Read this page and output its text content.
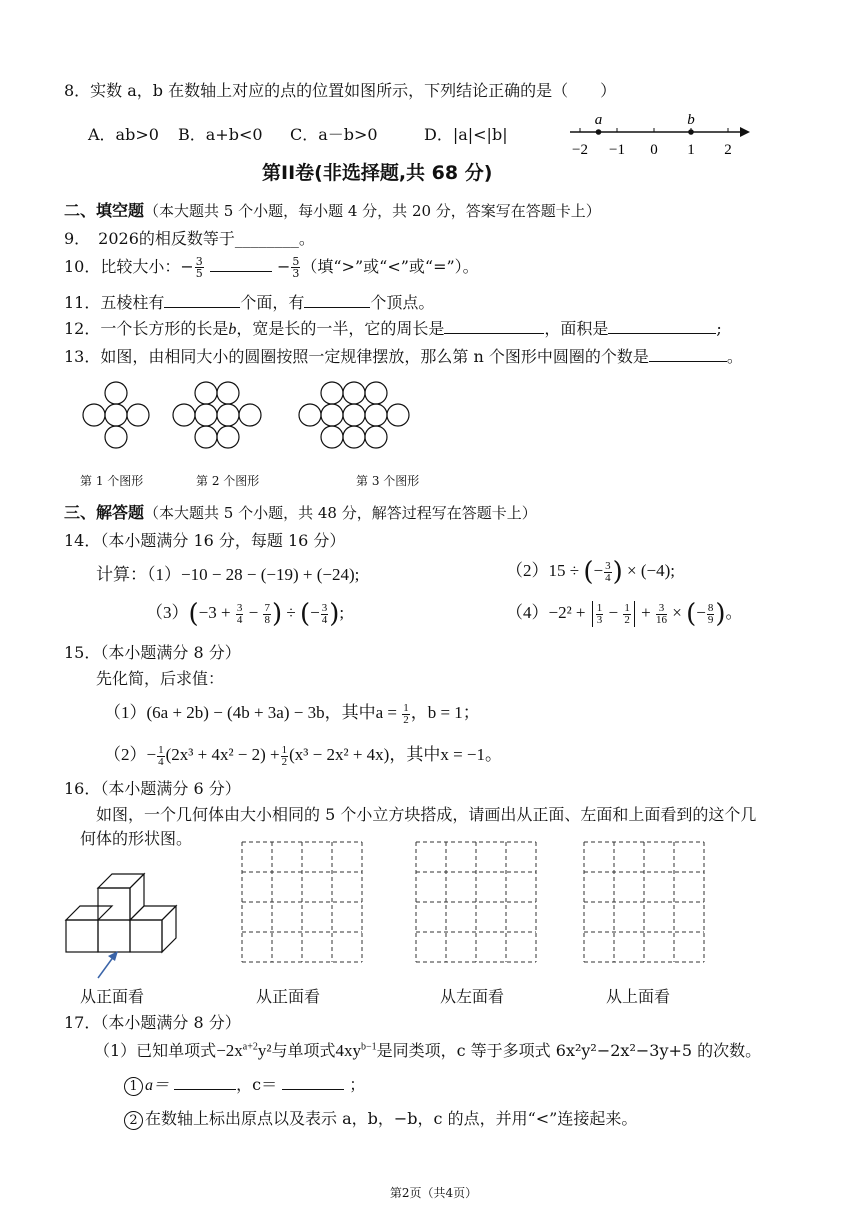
8．实数 a，b 在数轴上对应的点的位置如图所示，下列结论正确的是（　　）
A．ab>0 B．a+b<0 C．a－b>0	D．|a|<|b|
−2 −1 0 1 2
a	b
第II卷(非选择题,共 68 分)
二、填空题（本大题共 5 个小题，每小题 4 分，共 20 分，答案写在答题卡上）
9．　2026的相反数等于________。
10．比较大小：− $\frac{3}{5}$	− $\frac{5}{3}$ （填“>”或“<”或“=”）。
11．五棱柱有	个面，有	个顶点。
12．一个长方形的长是b，宽是长的一半，它的周长是	，面积是	;
13．如图，由相同大小的圆圈按照一定规律摆放，那么第 n 个图形中圆圈的个数是	。
第 1 个图形	第 2 个图形	第 3 个图形
三、解答题（本大题共 5 个小题，共 48 分，解答过程写在答题卡上）
14．（本小题满分 16 分，每题 16 分）
计算：（1）−10 − 28 − (−19) + (−24);	（2）15 ÷ (− $\frac{3}{4}$ ) × (−4);
$(3)(-3 + \frac{3}{4} - \frac{7}{8}$ ) ÷ (− $\frac{3}{4}$ );	$(4)-2^2 + \frac{1}{3} - \frac{1}{2} + \frac{3}{16}$ × (− $\frac{8}{9}$ )。
15．（本小题满分 8 分）
先化简，后求值：
（1）(6a + 2b) − (4b + 3a) − 3b，其中$a = \frac{1}{2}$ ，b = 1；
$(2)- \frac{1}{4} (2x^3 + 4x^2 - 2) + \frac{1}{2} (x^3 - 2x^2 + 4x)$，其中x = −1。
16．（本小题满分 6 分）
如图，一个几何体由大小相同的 5 个小立方块搭成，请画出从正面、左面和上面看到的这个几
何体的形状图。
从正面看	从正面看	从左面看	从上面看
17．（本小题满分 8 分）
（1）已知单项式$-2x^{a+2}y^2$与单项式$4xy^{b-1}$是同类项，c 等于多项式 6x²y²−2x²−3y+5 的次数。
1 a＝	，c＝	；
2 在数轴上标出原点以及表示 a，b，−b，c 的点，并用“<”连接起来。
第2页（共4页）
